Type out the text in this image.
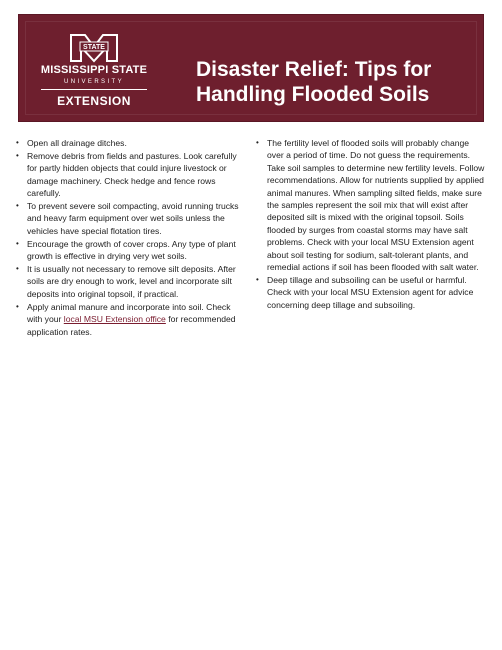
STATE
MISSISSIPPI STATE
UNIVERSITY
EXTENSION
Disaster Relief: Tips for
Handling Flooded Soils
• Open all drainage ditches.
• Remove debris from fields and pastures. Look carefully for partly hidden objects that could injure livestock or damage machinery. Check hedge and fence rows carefully.
• To prevent severe soil compacting, avoid running trucks and heavy farm equipment over wet soils unless the vehicles have special flotation tires.
• Encourage the growth of cover crops. Any type of plant growth is effective in drying very wet soils.
• It is usually not necessary to remove silt deposits. After soils are dry enough to work, level and incorporate silt deposits into original topsoil, if practical.
• Apply animal manure and incorporate into soil. Check with your local MSU Extension office for recommended application rates.
• The fertility level of flooded soils will probably change over a period of time. Do not guess the requirements. Take soil samples to determine new fertility levels. Follow recommendations. Allow for nutrients supplied by applied animal manures. When sampling silted fields, make sure the samples represent the soil mix that will exist after deposited silt is mixed with the original topsoil. Soils flooded by surges from coastal storms may have salt problems. Check with your local MSU Extension agent about soil testing for sodium, salt-tolerant plants, and remedial actions if soil has been flooded with salt water.
• Deep tillage and subsoiling can be useful or harmful. Check with your local MSU Extension agent for advice concerning deep tillage and subsoiling.
